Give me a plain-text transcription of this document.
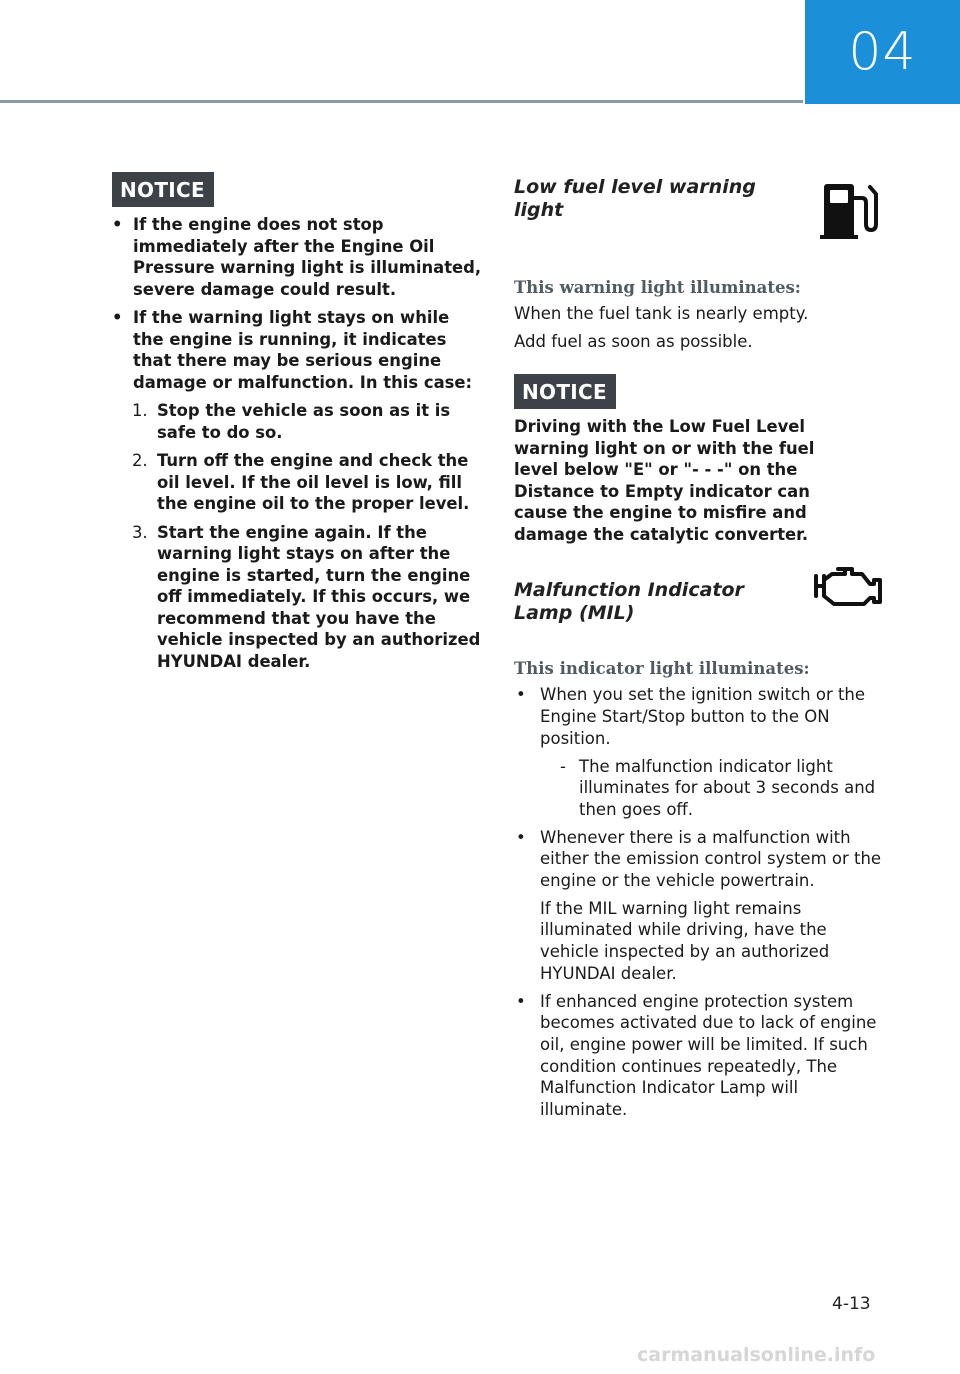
04
NOTICE
• If the engine does not stop immediately after the Engine Oil Pressure warning light is illuminated, severe damage could result.
• If the warning light stays on while the engine is running, it indicates that there may be serious engine damage or malfunction. In this case:
1. Stop the vehicle as soon as it is safe to do so.
2. Turn off the engine and check the oil level. If the oil level is low, fill the engine oil to the proper level.
3. Start the engine again. If the warning light stays on after the engine is started, turn the engine off immediately. If this occurs, we recommend that you have the vehicle inspected by an authorized HYUNDAI dealer.
Low fuel level warning light
This warning light illuminates:
When the fuel tank is nearly empty.
Add fuel as soon as possible.
NOTICE
Driving with the Low Fuel Level warning light on or with the fuel level below "E" or "- - -" on the Distance to Empty indicator can cause the engine to misfire and damage the catalytic converter.
Malfunction Indicator Lamp (MIL)
This indicator light illuminates:
• When you set the ignition switch or the Engine Start/Stop button to the ON position.
- The malfunction indicator light illuminates for about 3 seconds and then goes off.
• Whenever there is a malfunction with either the emission control system or the engine or the vehicle powertrain.
If the MIL warning light remains illuminated while driving, have the vehicle inspected by an authorized HYUNDAI dealer.
• If enhanced engine protection system becomes activated due to lack of engine oil, engine power will be limited. If such condition continues repeatedly, The Malfunction Indicator Lamp will illuminate.
4-13
carmanualsonline.info
